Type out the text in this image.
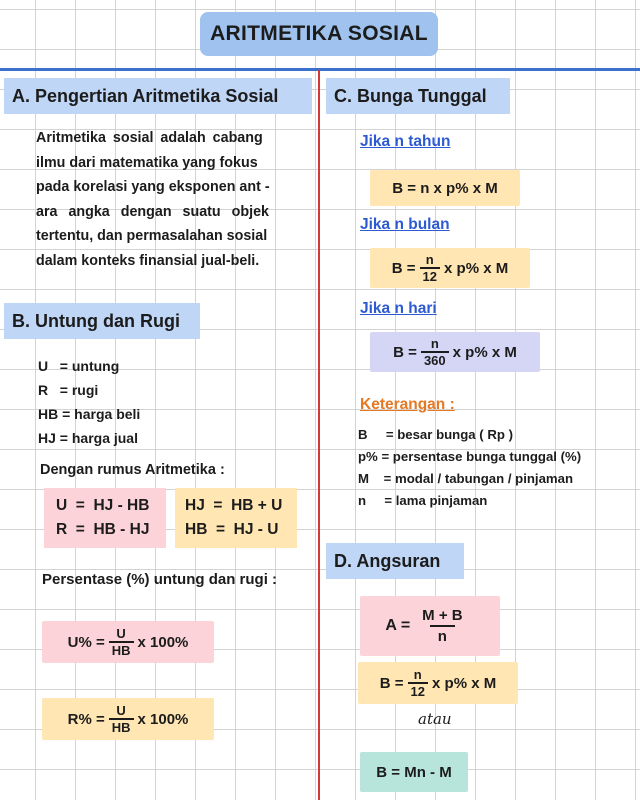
ARITMETIKA SOSIAL
A. Pengertian Aritmetika Sosial
Aritmetika sosial adalah cabang
ilmu dari matematika yang fokus
pada korelasi yang eksponen ant -
ara angka dengan suatu objek
tertentu, dan permasalahan sosial
dalam konteks finansial jual-beli.
B. Untung dan Rugi
U   = untung
R   = rugi
HB = harga beli
HJ = harga jual
Dengan rumus Aritmetika :
U  =  HJ - HB
R  =  HB - HJ
HJ  =  HB + U
HB  =  HJ - U
Persentase (%) untung dan rugi :
$U\% = \frac{U}{HB}$ x 100%
$R\% = \frac{U}{HB}$ x 100%
C. Bunga Tunggal
Jika n tahun
B = n x p% x M
Jika n bulan
$B = \frac{n}{12}$ x p% x M
Jika n hari
$B = \frac{n}{360}$ x p% x M
Keterangan :
B     = besar bunga ( Rp )
p% = persentase bunga tunggal (%)
M    = modal / tabungan / pinjaman
n     = lama pinjaman
D. Angsuran
$A = \frac{M + B}{n}$
$B = \frac{n}{12}$ x p% x M
atau
B = Mn - M
